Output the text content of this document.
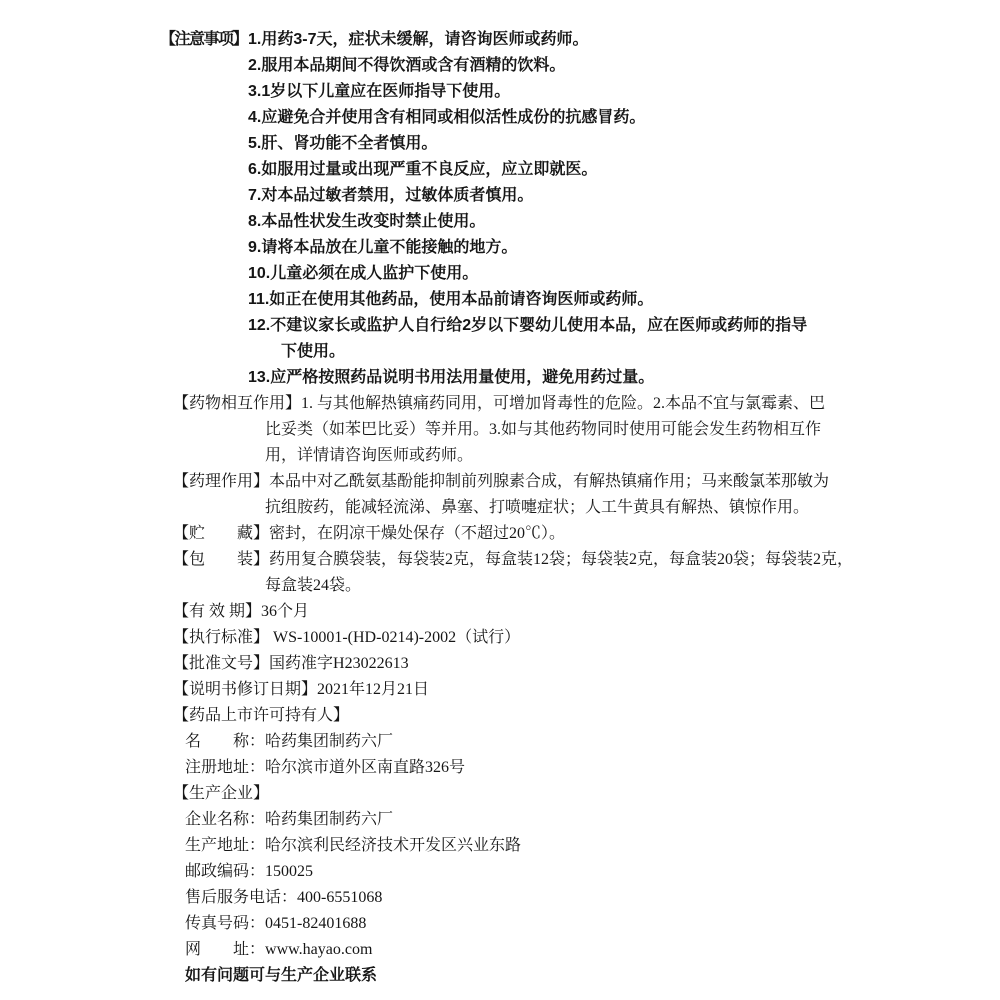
【注意事项】 1.用药3-7天，症状未缓解，请咨询医师或药师。

2.服用本品期间不得饮酒或含有酒精的饮料。

3.1岁以下儿童应在医师指导下使用。

4.应避免合并使用含有相同或相似活性成份的抗感冒药。

5.肝、肾功能不全者慎用。

6.如服用过量或出现严重不良反应，应立即就医。

7.对本品过敏者禁用，过敏体质者慎用。

8.本品性状发生改变时禁止使用。

9.请将本品放在儿童不能接触的地方。

10.儿童必须在成人监护下使用。

11.如正在使用其他药品，使用本品前请咨询医师或药师。

12.不建议家长或监护人自行给2岁以下婴幼儿使用本品，应在医师或药师的指导

下使用。

13.应严格按照药品说明书用法用量使用，避免用药过量。

【药物相互作用】1. 与其他解热镇痛药同用，可增加肾毒性的危险。2.本品不宜与氯霉素、巴

比妥类（如苯巴比妥）等并用。3.如与其他药物同时使用可能会发生药物相互作

用，详情请咨询医师或药师。

【药理作用】本品中对乙酰氨基酚能抑制前列腺素合成，有解热镇痛作用；马来酸氯苯那敏为

抗组胺药，能减轻流涕、鼻塞、打喷嚏症状；人工牛黄具有解热、镇惊作用。

【贮　　藏】密封，在阴凉干燥处保存（不超过20℃）。

【包　　装】药用复合膜袋装，每袋装2克，每盒装12袋；每袋装2克，每盒装20袋；每袋装2克，

每盒装24袋。

【有 效 期】36个月

【执行标准】 WS-10001-(HD-0214)-2002（试行）

【批准文号】国药准字H23022613

【说明书修订日期】2021年12月21日

【药品上市许可持有人】

名　　称：哈药集团制药六厂

注册地址：哈尔滨市道外区南直路326号

【生产企业】

企业名称：哈药集团制药六厂

生产地址：哈尔滨利民经济技术开发区兴业东路

邮政编码：150025

售后服务电话：400-6551068

传真号码：0451-82401688

网　　址：www.hayao.com

如有问题可与生产企业联系
